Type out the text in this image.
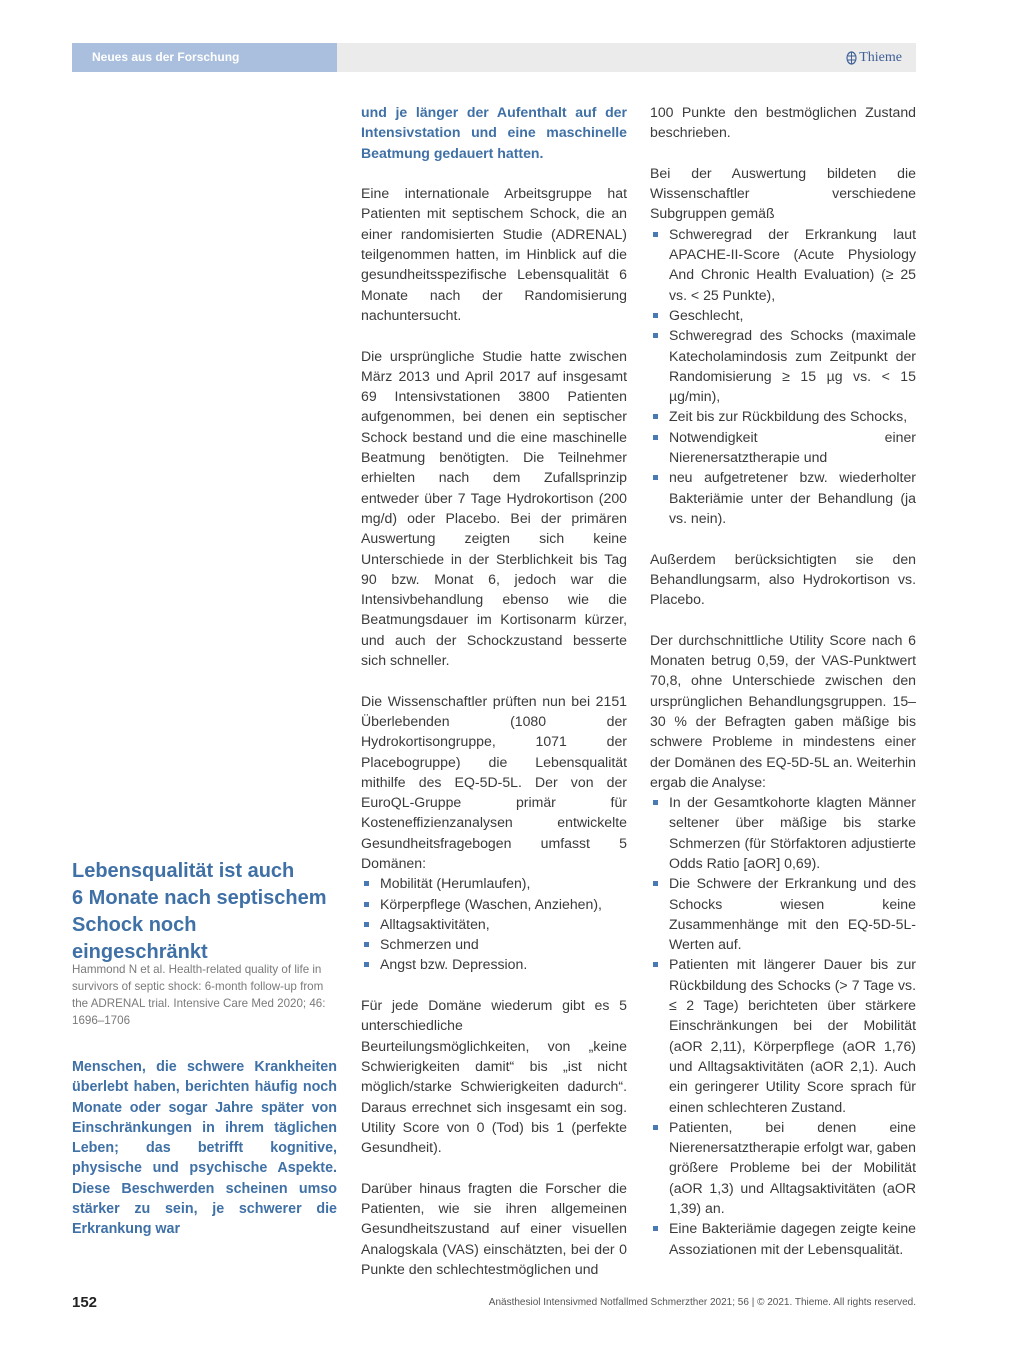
Neues aus der Forschung	Thieme
Lebensqualität ist auch
6 Monate nach septischem
Schock noch eingeschränkt

Hammond N et al. Health-related quality of life in survivors of septic shock: 6-month follow-up from the ADRENAL trial. Intensive Care Med 2020; 46: 1696–1706

Menschen, die schwere Krankheiten überlebt haben, berichten häufig noch Monate oder sogar Jahre später von Einschränkungen in ihrem täglichen Leben; das betrifft kognitive, physische und psychische Aspekte. Diese Beschwerden scheinen umso stärker zu sein, je schwerer die Erkrankung war

und je länger der Aufenthalt auf der Intensivstation und eine maschinelle Beatmung gedauert hatten.

Eine internationale Arbeitsgruppe hat Patienten mit septischem Schock, die an einer randomisierten Studie (ADRENAL) teilgenommen hatten, im Hinblick auf die gesundheitsspezifische Lebensqualität 6 Monate nach der Randomisierung nachuntersucht.

Die ursprüngliche Studie hatte zwischen März 2013 und April 2017 auf insgesamt 69 Intensivstationen 3800 Patienten aufgenommen, bei denen ein septischer Schock bestand und die eine maschinelle Beatmung benötigten. Die Teilnehmer erhielten nach dem Zufallsprinzip entweder über 7 Tage Hydrokortison (200 mg/d) oder Placebo. Bei der primären Auswertung zeigten sich keine Unterschiede in der Sterblichkeit bis Tag 90 bzw. Monat 6, jedoch war die Intensivbehandlung ebenso wie die Beatmungsdauer im Kortisonarm kürzer, und auch der Schockzustand besserte sich schneller.

Die Wissenschaftler prüften nun bei 2151 Überlebenden (1080 der Hydrokortisongruppe, 1071 der Placebogruppe) die Lebensqualität mithilfe des EQ-5D-5L. Der von der EuroQL-Gruppe primär für Kosteneffizienzanalysen entwickelte Gesundheitsfragebogen umfasst 5 Domänen:

Mobilität (Herumlaufen),
Körperpflege (Waschen, Anziehen),
Alltagsaktivitäten,
Schmerzen und
Angst bzw. Depression.

Für jede Domäne wiederum gibt es 5 unterschiedliche Beurteilungsmöglichkeiten, von „keine Schwierigkeiten damit“ bis „ist nicht möglich/starke Schwierigkeiten dadurch“. Daraus errechnet sich insgesamt ein sog. Utility Score von 0 (Tod) bis 1 (perfekte Gesundheit).

Darüber hinaus fragten die Forscher die Patienten, wie sie ihren allgemeinen Gesundheitszustand auf einer visuellen Analogskala (VAS) einschätzten, bei der 0 Punkte den schlechtestmöglichen und

100 Punkte den bestmöglichen Zustand beschrieben.

Bei der Auswertung bildeten die Wissenschaftler verschiedene Subgruppen gemäß

Schweregrad der Erkrankung laut APACHE-II-Score (Acute Physiology And Chronic Health Evaluation) (≥ 25 vs. < 25 Punkte),
Geschlecht,
Schweregrad des Schocks (maximale Katecholamindosis zum Zeitpunkt der Randomisierung ≥ 15 µg vs. < 15 µg/min),
Zeit bis zur Rückbildung des Schocks,
Notwendigkeit einer Nierenersatztherapie und
neu aufgetretener bzw. wiederholter Bakteriämie unter der Behandlung (ja vs. nein).

Außerdem berücksichtigten sie den Behandlungsarm, also Hydrokortison vs. Placebo.

Der durchschnittliche Utility Score nach 6 Monaten betrug 0,59, der VAS-Punktwert 70,8, ohne Unterschiede zwischen den ursprünglichen Behandlungsgruppen. 15–30 % der Befragten gaben mäßige bis schwere Probleme in mindestens einer der Domänen des EQ-5D-5L an. Weiterhin ergab die Analyse:

In der Gesamtkohorte klagten Männer seltener über mäßige bis starke Schmerzen (für Störfaktoren adjustierte Odds Ratio [aOR] 0,69).
Die Schwere der Erkrankung und des Schocks wiesen keine Zusammenhänge mit den EQ-5D-5L-Werten auf.
Patienten mit längerer Dauer bis zur Rückbildung des Schocks (> 7 Tage vs. ≤ 2 Tage) berichteten über stärkere Einschränkungen bei der Mobilität (aOR 2,11), Körperpflege (aOR 1,76) und Alltagsaktivitäten (aOR 2,1). Auch ein geringerer Utility Score sprach für einen schlechteren Zustand.
Patienten, bei denen eine Nierenersatztherapie erfolgt war, gaben größere Probleme bei der Mobilität (aOR 1,3) und Alltagsaktivitäten (aOR 1,39) an.
Eine Bakteriämie dagegen zeigte keine Assoziationen mit der Lebensqualität.
152	Anästhesiol Intensivmed Notfallmed Schmerzther 2021; 56 | © 2021. Thieme. All rights reserved.
